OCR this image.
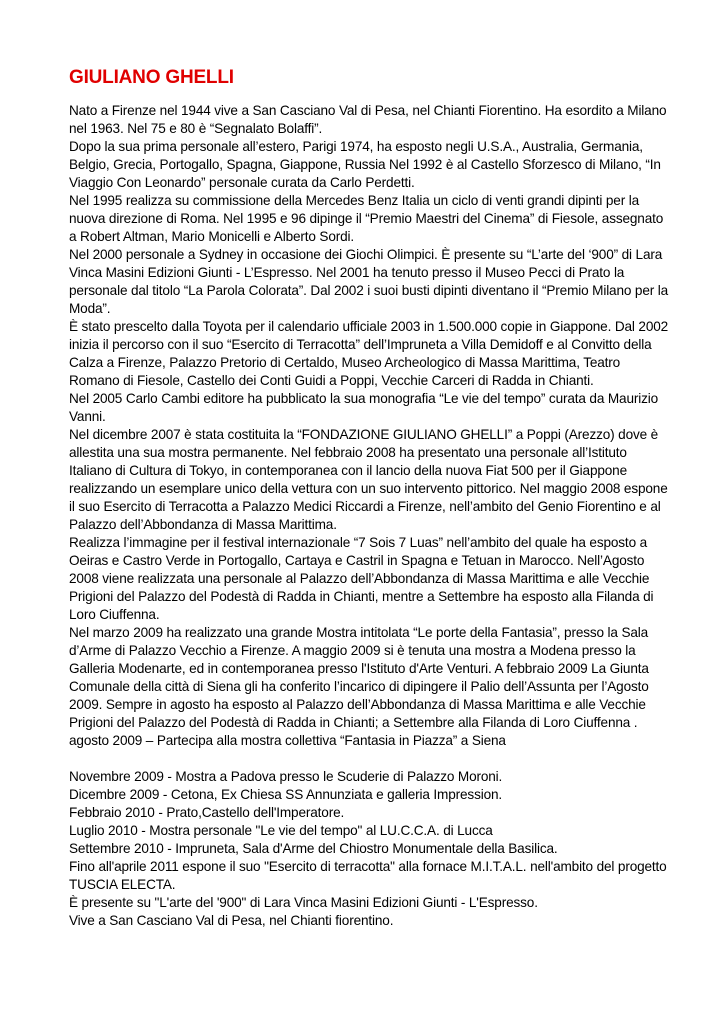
GIULIANO GHELLI

Nato a Firenze nel 1944 vive a San Casciano Val di Pesa, nel Chianti Fiorentino. Ha esordito a Milano nel 1963. Nel 75 e 80 è “Segnalato Bolaffi”.

Dopo la sua prima personale all’estero, Parigi 1974, ha esposto negli U.S.A., Australia, Germania, Belgio, Grecia, Portogallo, Spagna, Giappone, Russia Nel 1992 è al Castello Sforzesco di Milano, “In Viaggio Con Leonardo” personale curata da Carlo Perdetti.

Nel 1995 realizza su commissione della Mercedes Benz Italia un ciclo di venti grandi dipinti per la nuova direzione di Roma. Nel 1995 e 96 dipinge il “Premio Maestri del Cinema” di Fiesole, assegnato a Robert Altman, Mario Monicelli e Alberto Sordi.

Nel 2000 personale a Sydney in occasione dei Giochi Olimpici. È presente su “L’arte del ‘900” di Lara Vinca Masini Edizioni Giunti - L’Espresso. Nel 2001 ha tenuto presso il Museo Pecci di Prato la personale dal titolo “La Parola Colorata”. Dal 2002 i suoi busti dipinti diventano il “Premio Milano per la Moda”.

È stato prescelto dalla Toyota per il calendario ufficiale 2003 in 1.500.000 copie in Giappone. Dal 2002 inizia il percorso con il suo “Esercito di Terracotta” dell’Impruneta a Villa Demidoff e al Convitto della Calza a Firenze, Palazzo Pretorio di Certaldo, Museo Archeologico di Massa Marittima, Teatro Romano di Fiesole, Castello dei Conti Guidi a Poppi, Vecchie Carceri di Radda in Chianti.

Nel 2005 Carlo Cambi editore ha pubblicato la sua monografia “Le vie del tempo” curata da Maurizio Vanni.

Nel dicembre 2007 è stata costituita la “FONDAZIONE GIULIANO GHELLI” a Poppi (Arezzo) dove è allestita una sua mostra permanente. Nel febbraio 2008 ha presentato una personale all’Istituto Italiano di Cultura di Tokyo, in contemporanea con il lancio della nuova Fiat 500 per il Giappone realizzando un esemplare unico della vettura con un suo intervento pittorico. Nel maggio 2008 espone il suo Esercito di Terracotta a Palazzo Medici Riccardi a Firenze, nell’ambito del Genio Fiorentino e al Palazzo dell’Abbondanza di Massa Marittima.

Realizza l’immagine per il festival internazionale “7 Sois 7 Luas” nell’ambito del quale ha esposto a Oeiras e Castro Verde in Portogallo, Cartaya e Castril in Spagna e Tetuan in Marocco. Nell’Agosto 2008 viene realizzata una personale al Palazzo dell’Abbondanza di Massa Marittima e alle Vecchie Prigioni del Palazzo del Podestà di Radda in Chianti, mentre a Settembre ha esposto alla Filanda di Loro Ciuffenna.

Nel marzo 2009 ha realizzato una grande Mostra intitolata “Le porte della Fantasia”, presso la Sala d’Arme di Palazzo Vecchio a Firenze. A maggio 2009 si è tenuta una mostra a Modena presso la Galleria Modenarte, ed in contemporanea presso l'Istituto d'Arte Venturi. A febbraio 2009 La Giunta Comunale della città di Siena gli ha conferito l’incarico di dipingere il Palio dell’Assunta per l’Agosto 2009. Sempre in agosto ha esposto al Palazzo dell’Abbondanza di Massa Marittima e alle Vecchie Prigioni del Palazzo del Podestà di Radda in Chianti; a Settembre alla Filanda di Loro Ciuffenna .

agosto 2009 – Partecipa alla mostra collettiva “Fantasia in Piazza” a Siena

Novembre 2009 - Mostra a Padova presso le Scuderie di Palazzo Moroni.

Dicembre 2009 - Cetona, Ex Chiesa SS Annunziata e galleria Impression.

Febbraio 2010 - Prato,Castello dell'Imperatore.

Luglio 2010 - Mostra personale "Le vie del tempo" al LU.C.C.A. di Lucca

Settembre 2010 - Impruneta, Sala d'Arme del Chiostro Monumentale della Basilica.

Fino all'aprile 2011 espone il suo "Esercito di terracotta" alla fornace M.I.T.A.L. nell'ambito del progetto TUSCIA ELECTA.

È presente su "L'arte del '900" di Lara Vinca Masini Edizioni Giunti - L'Espresso.

Vive a San Casciano Val di Pesa, nel Chianti fiorentino.
